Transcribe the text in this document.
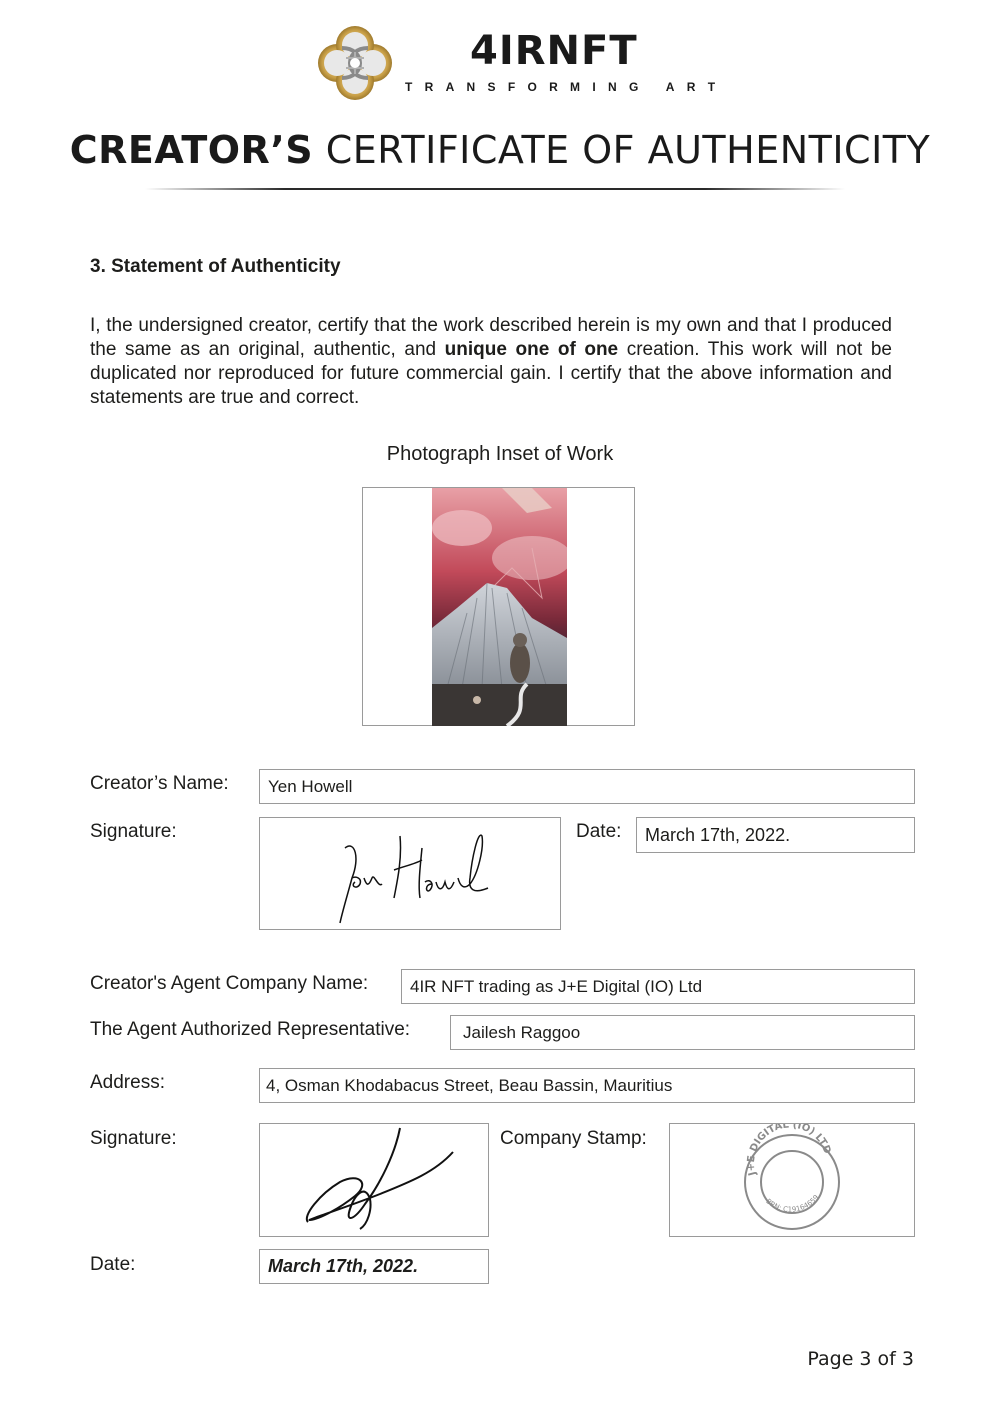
4IRNFT
TRANSFORMING ART
CREATOR’S CERTIFICATE OF AUTHENTICITY
3. Statement of Authenticity
I, the undersigned creator, certify that the work described herein is my own and that I produced the same as an original, authentic, and unique one of one creation. This work will not be duplicated nor reproduced for future commercial gain. I certify that the above information and statements are true and correct.
Photograph Inset of Work
Creator’s Name:	Yen Howell
Signature:	Date:	March 17th, 2022.
Creator's Agent Company Name:	4IR NFT trading as J+E Digital (IO) Ltd
The Agent Authorized Representative:	Jailesh Raggoo
Address:	4, Osman Khodabacus Street, Beau Bassin, Mauritius
Signature:	Company Stamp:
J+E DIGITAL (IO) LTD
BRN: C19164659
Date:	March 17th, 2022.
Page 3 of 3
